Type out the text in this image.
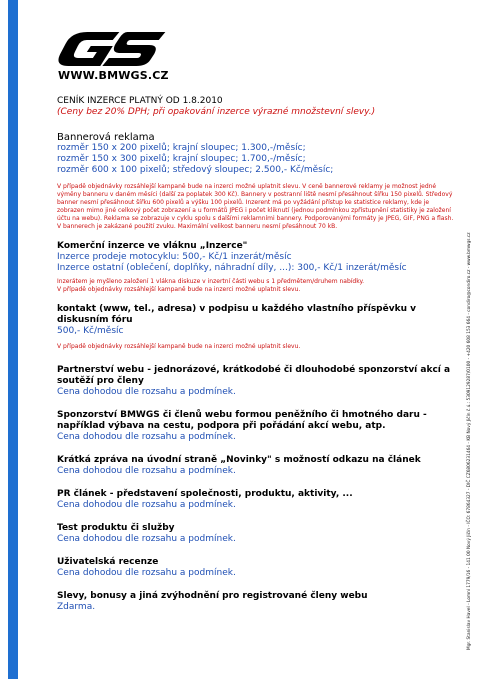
WWW.BMWGS.CZ
CENÍK INZERCE PLATNÝ OD 1.8.2010
(Ceny bez 20% DPH; při opakování inzerce výrazné množstevní slevy.)
Bannerová reklama
rozměr 150 x 200 pixelů; krajní sloupec; 1.300,-/měsíc;
rozměr 150 x 300 pixelů; krajní sloupec; 1.700,-/měsíc;
rozměr 600 x 100 pixelů; středový sloupec; 2.500,- Kč/měsíc;
V případě objednávky rozsáhlejší kampaně bude na inzerci možné uplatnit slevu. V ceně bannerové reklamy je možnost jedné výměny banneru v daném měsíci (další za poplatek 300 Kč). Bannery v postranní liště nesmí přesáhnout šířku 150 pixelů. Středový banner nesmí přesáhnout šířku 600 pixelů a výšku 100 pixelů. Inzerent má po vyžádání přístup ke statistice reklamy, kde je zobrazen mimo jiné celkový počet zobrazení a u formátů JPEG i počet kliknutí (jednou podmínkou zpřístupnění statistiky je založení účtu na webu). Reklama se zobrazuje v cyklu spolu s dalšími reklamními bannery. Podporovanými formáty je JPEG, GIF, PNG a flash. V bannerech je zakázané použití zvuku. Maximální velikost banneru nesmí přesáhnout 70 kB.
Komerční inzerce ve vláknu „Inzerce"
Inzerce prodeje motocyklu: 500,- Kč/1 inzerát/měsíc
Inzerce ostatní (oblečení, doplňky, náhradní díly, ...): 300,- Kč/1 inzerát/měsíc
Inzerátem je myšleno založení 1 vlákna diskuze v inzertní části webu s 1 předmětem/druhem nabídky.
V případě objednávky rozsáhlejší kampaně bude na inzerci možné uplatnit slevu.
kontakt (www, tel., adresa) v podpisu u každého vlastního příspěvku v diskusním fóru
500,- Kč/měsíc
V případě objednávky rozsáhlejší kampaně bude na inzerci možné uplatnit slevu.
Partnerství webu - jednorázové, krátkodobé či dlouhodobé sponzorství akcí a soutěží pro členy
Cena dohodou dle rozsahu a podmínek.
Sponzorství BMWGS či členů webu formou peněžního či hmotného daru - například výbava na cestu, podpora při pořádání akcí webu, atp.
Cena dohodou dle rozsahu a podmínek.
Krátká zpráva na úvodní straně „Novinky" s možností odkazu na článek
Cena dohodou dle rozsahu a podmínek.
PR článek - představení společnosti, produktu, aktivity, ...
Cena dohodou dle rozsahu a podmínek.
Test produktu či služby
Cena dohodou dle rozsahu a podmínek.
Uživatelská recenze
Cena dohodou dle rozsahu a podmínek.
Slevy, bonusy a jiná zvýhodnění pro registrované členy webu
Zdarma.	Mgr. Stanislav Havel - Lomní 1779/16 - 141 00 Nový Jičín - IČO: 67864327 - DIČ CZ6806231464 - KB Nový Jičín č.ú.: 5309129287/0100 - +420 608 153 664 - condiro@condiro.cz - www.bmwgs.cz
